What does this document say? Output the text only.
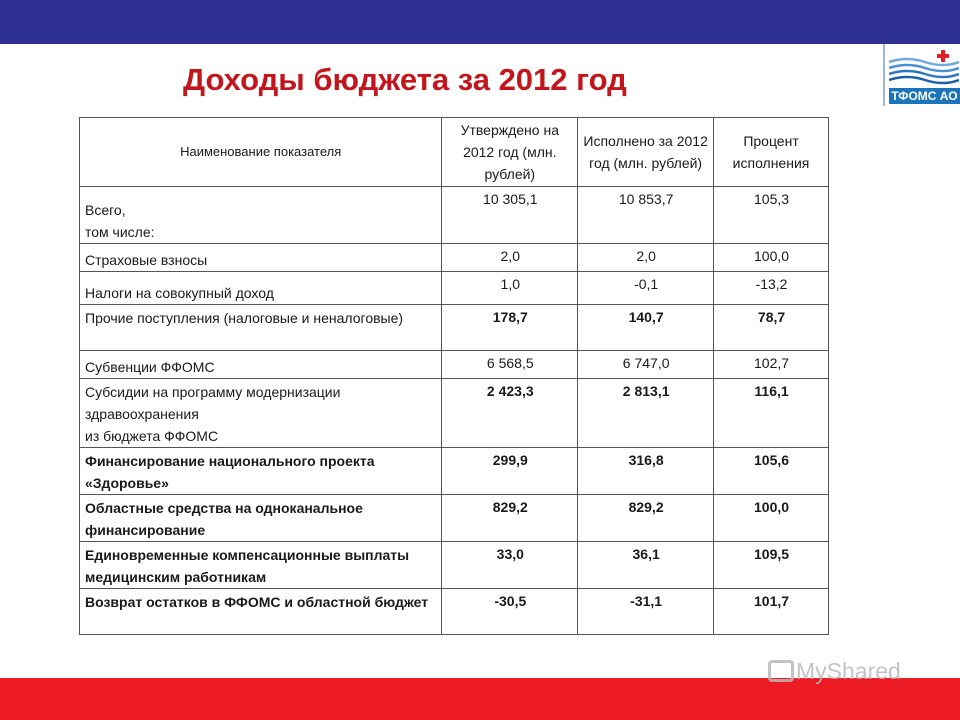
Доходы бюджета за 2012 год	ТФОМС АО
Наименование показателя	Утверждено на 2012 год (млн. рублей)	Исполнено за 2012 год (млн. рублей)	Процент исполнения

Всего,
том числе:	10 305,1	10 853,7	105,3

Страховые взносы	2,0	2,0	100,0

Налоги на совокупный доход	1,0	-0,1	-13,2

Прочие поступления (налоговые и неналоговые)	178,7	140,7	78,7

Субвенции ФФОМС	6 568,5	6 747,0	102,7

Субсидии на программу модернизации здравоохранения
из бюджета ФФОМС	2 423,3	2 813,1	116,1

Финансирование национального проекта «Здоровье»	299,9	316,8	105,6

Областные средства на одноканальное финансирование	829,2	829,2	100,0

Единовременные компенсационные выплаты медицинским работникам	33,0	36,1	109,5

Возврат остатков в ФФОМС и областной бюджет	-30,5	-31,1	101,7
MyShared
